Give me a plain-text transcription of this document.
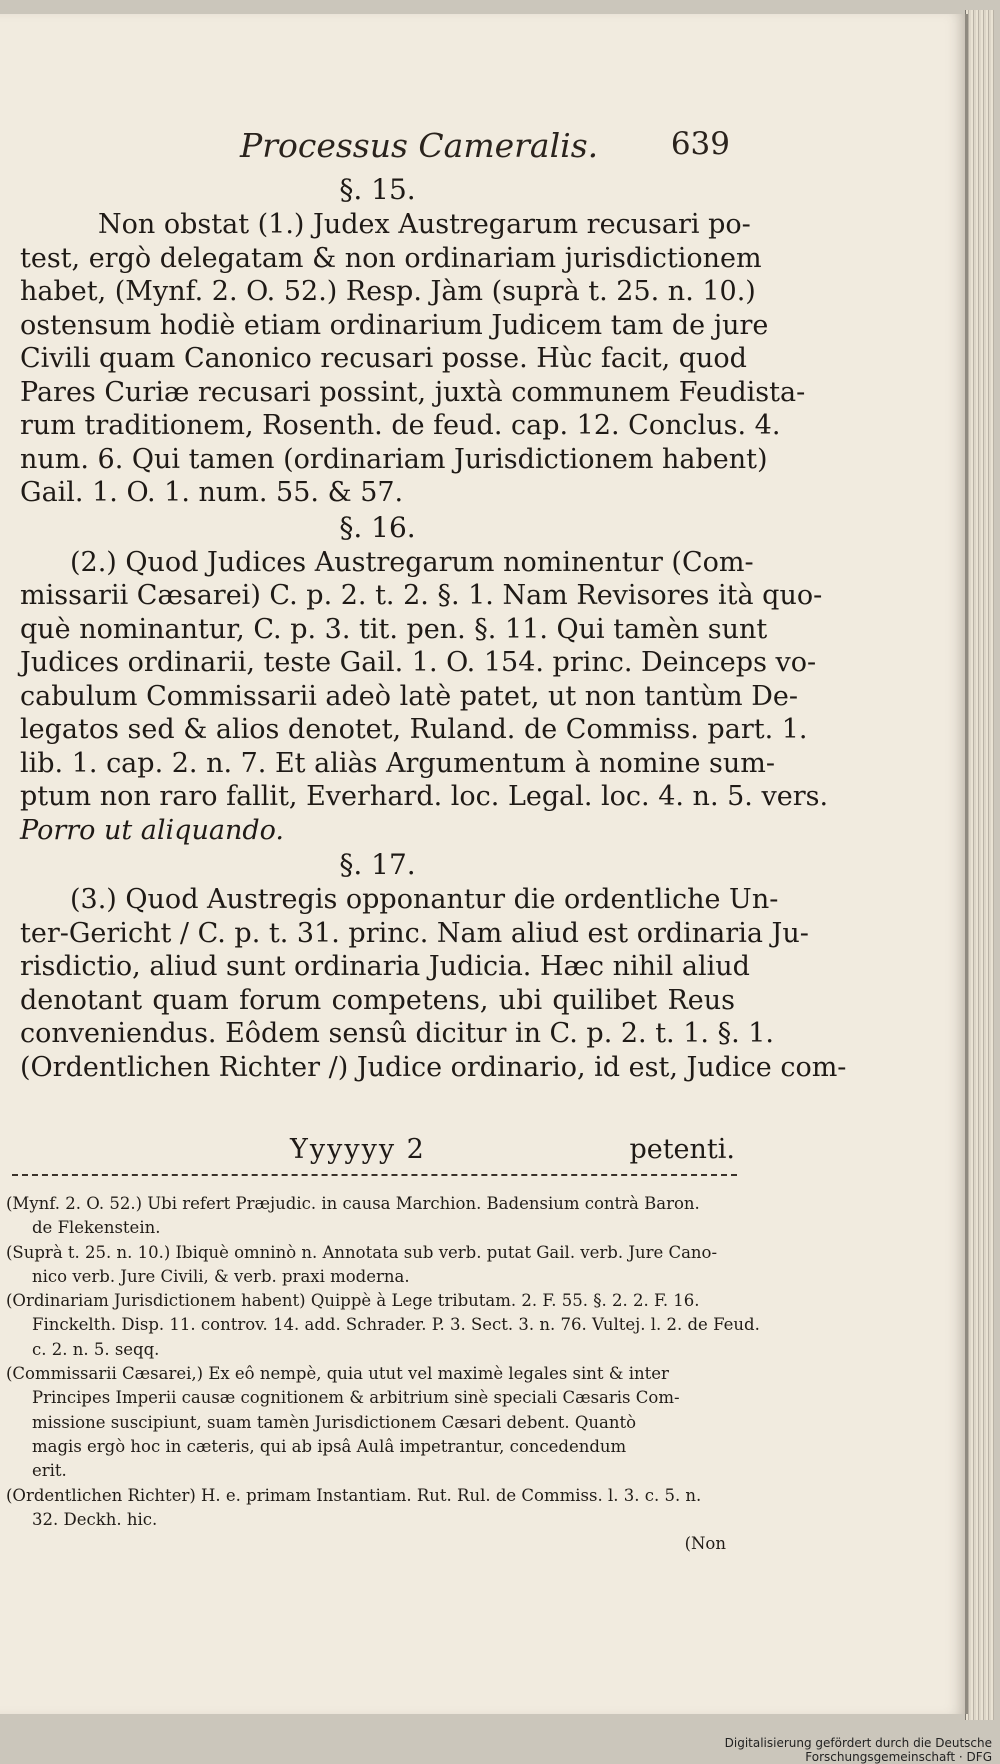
Processus Cameralis. 639
§. 15.
Non obstat (1.) Judex Austregarum recusari po-
test, ergò delegatam & non ordinariam jurisdictionem
habet, (Mynf. 2. O. 52.) Resp. Jàm (suprà t. 25. n. 10.)
ostensum hodiè etiam ordinarium Judicem tam de jure
Civili quam Canonico recusari posse. Hùc facit, quod
Pares Curiæ recusari possint, juxtà communem Feudista-
rum traditionem, Rosenth. de feud. cap. 12. Conclus. 4.
num. 6. Qui tamen (ordinariam Jurisdictionem habent)
Gail. 1. O. 1. num. 55. & 57.
§. 16.
(2.) Quod Judices Austregarum nominentur (Com-
missarii Cæsarei) C. p. 2. t. 2. §. 1. Nam Revisores ità quo-
què nominantur, C. p. 3. tit. pen. §. 11. Qui tamèn sunt
Judices ordinarii, teste Gail. 1. O. 154. princ. Deinceps vo-
cabulum Commissarii adeò latè patet, ut non tantùm De-
legatos sed & alios denotet, Ruland. de Commiss. part. 1.
lib. 1. cap. 2. n. 7. Et aliàs Argumentum à nomine sum-
ptum non raro fallit, Everhard. loc. Legal. loc. 4. n. 5. vers.
Porro ut aliquando.
§. 17.
(3.) Quod Austregis opponantur die ordentliche Un-
ter-Gericht / C. p. t. 31. princ. Nam aliud est ordinaria Ju-
risdictio, aliud sunt ordinaria Judicia. Hæc nihil aliud
denotant quam forum competens, ubi quilibet Reus
conveniendus. Eôdem sensû dicitur in C. p. 2. t. 1. §. 1.
(Ordentlichen Richter /) Judice ordinario, id est, Judice com-
Yyyyyy 2	petenti.
(Mynf. 2. O. 52.) Ubi refert Præjudic. in causa Marchion. Badensium contrà Baron.
de Flekenstein.
(Suprà t. 25. n. 10.) Ibiquè omninò n. Annotata sub verb. putat Gail. verb. Jure Cano-
nico verb. Jure Civili, & verb. praxi moderna.
(Ordinariam Jurisdictionem habent) Quippè à Lege tributam. 2. F. 55. §. 2. 2. F. 16.
Finckelth. Disp. 11. controv. 14. add. Schrader. P. 3. Sect. 3. n. 76. Vultej. l. 2. de Feud.
c. 2. n. 5. seqq.
(Commissarii Cæsarei,) Ex eô nempè, quia utut vel maximè legales sint & inter
Principes Imperii causæ cognitionem & arbitrium sinè speciali Cæsaris Com-
missione suscipiunt, suam tamèn Jurisdictionem Cæsari debent. Quantò
magis ergò hoc in cæteris, qui ab ipsâ Aulâ impetrantur, concedendum
erit.
(Ordentlichen Richter) H. e. primam Instantiam. Rut. Rul. de Commiss. l. 3. c. 5. n.
32. Deckh. hic.
(Non
Digitalisierung gefördert durch die Deutsche Forschungsgemeinschaft · DFG
